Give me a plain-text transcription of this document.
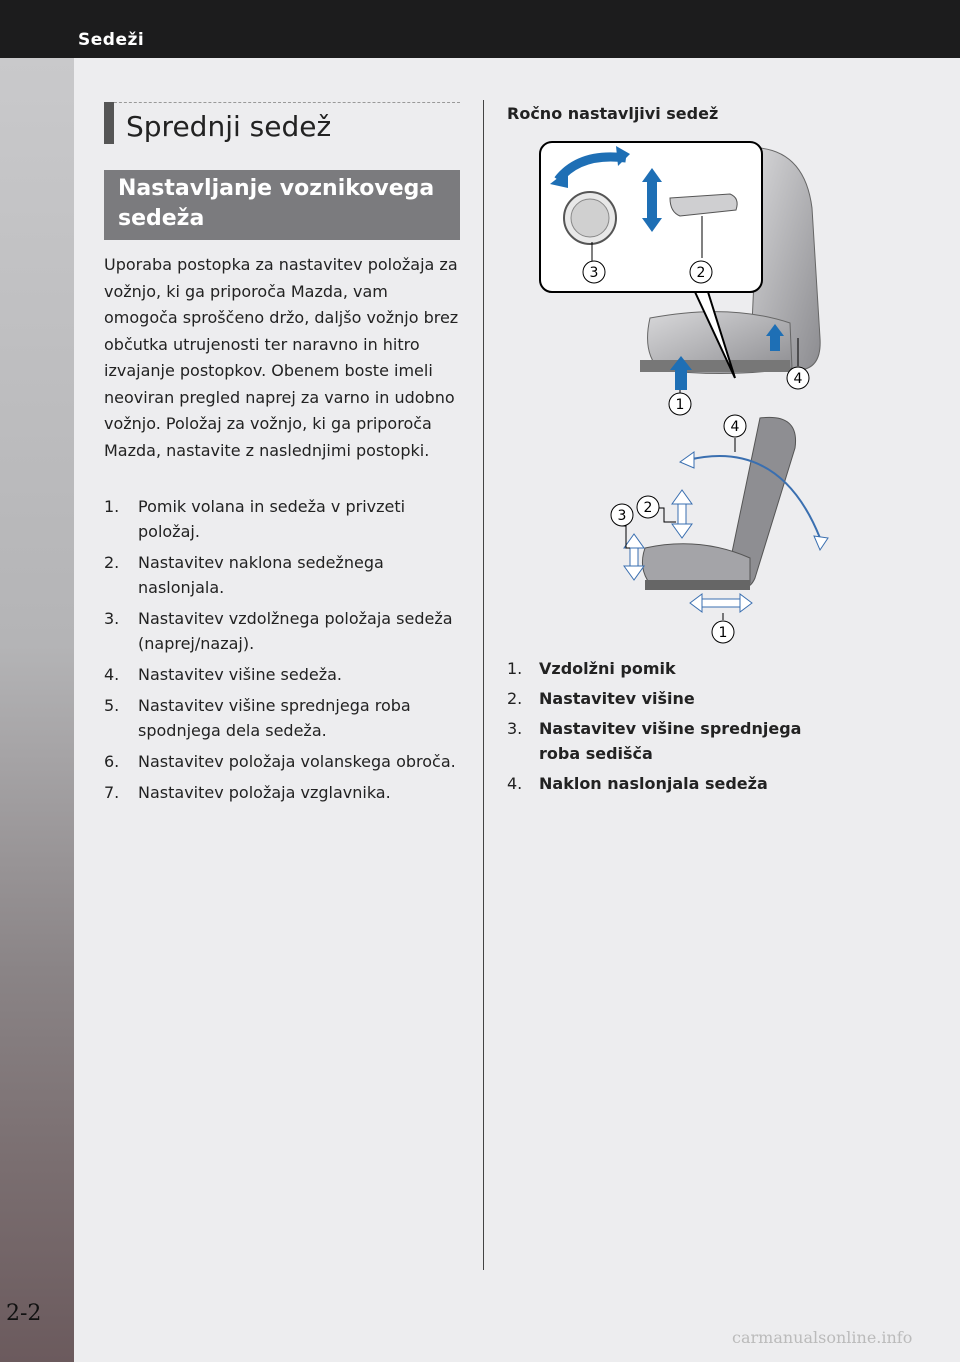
Sedeži
2-2
Sprednji sedež
Nastavljanje voznikovega sedeža

Uporaba postopka za nastavitev položaja za vožnjo, ki ga priporoča Mazda, vam omogoča sproščeno držo, daljšo vožnjo brez občutka utrujenosti ter naravno in hitro izvajanje postopkov. Obenem boste imeli neoviran pregled naprej za varno in udobno vožnjo. Položaj za vožnjo, ki ga priporoča Mazda, nastavite z naslednjimi postopki.

1. Pomik volana in sedeža v privzeti položaj.
2. Nastavitev naklona sedežnega naslonjala.
3. Nastavitev vzdolžnega položaja sedeža (naprej/nazaj).
4. Nastavitev višine sedeža.
5. Nastavitev višine sprednjega roba spodnjega dela sedeža.
6. Nastavitev položaja volanskega obroča.
7. Nastavitev položaja vzglavnika.
Ročno nastavljivi sedež
3	2
4
1
4
2
3
1
1. Vzdolžni pomik
2. Nastavitev višine
3. Nastavitev višine sprednjega roba sedišča
4. Naklon naslonjala sedeža
carmanualsonline.info
